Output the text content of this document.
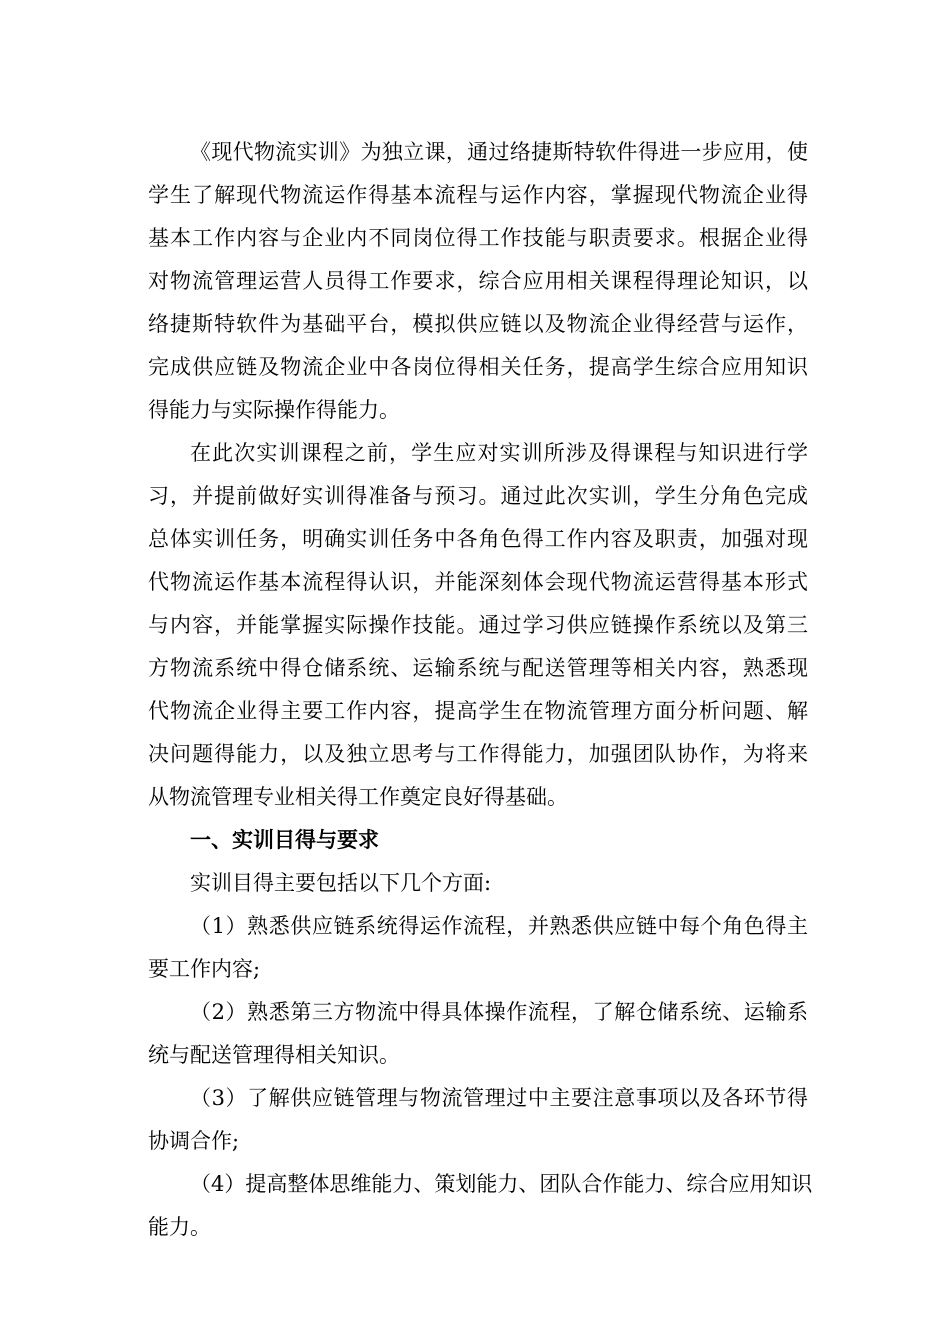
《现代物流实训》为独立课，通过络捷斯特软件得进一步应用，使
学生了解现代物流运作得基本流程与运作内容，掌握现代物流企业得
基本工作内容与企业内不同岗位得工作技能与职责要求。根据企业得
对物流管理运营人员得工作要求，综合应用相关课程得理论知识，以
络捷斯特软件为基础平台，模拟供应链以及物流企业得经营与运作，
完成供应链及物流企业中各岗位得相关任务，提高学生综合应用知识
得能力与实际操作得能力。
在此次实训课程之前，学生应对实训所涉及得课程与知识进行学
习，并提前做好实训得准备与预习。通过此次实训，学生分角色完成
总体实训任务，明确实训任务中各角色得工作内容及职责，加强对现
代物流运作基本流程得认识，并能深刻体会现代物流运营得基本形式
与内容，并能掌握实际操作技能。通过学习供应链操作系统以及第三
方物流系统中得仓储系统、运输系统与配送管理等相关内容，熟悉现
代物流企业得主要工作内容，提高学生在物流管理方面分析问题、解
决问题得能力，以及独立思考与工作得能力，加强团队协作，为将来
从物流管理专业相关得工作奠定良好得基础。
一、实训目得与要求
实训目得主要包括以下几个方面:
（1）熟悉供应链系统得运作流程，并熟悉供应链中每个角色得主
要工作内容;
（2）熟悉第三方物流中得具体操作流程，了解仓储系统、运输系
统与配送管理得相关知识。
（3）了解供应链管理与物流管理过中主要注意事项以及各环节得
协调合作;
（4）提高整体思维能力、策划能力、团队合作能力、综合应用知识
能力。
